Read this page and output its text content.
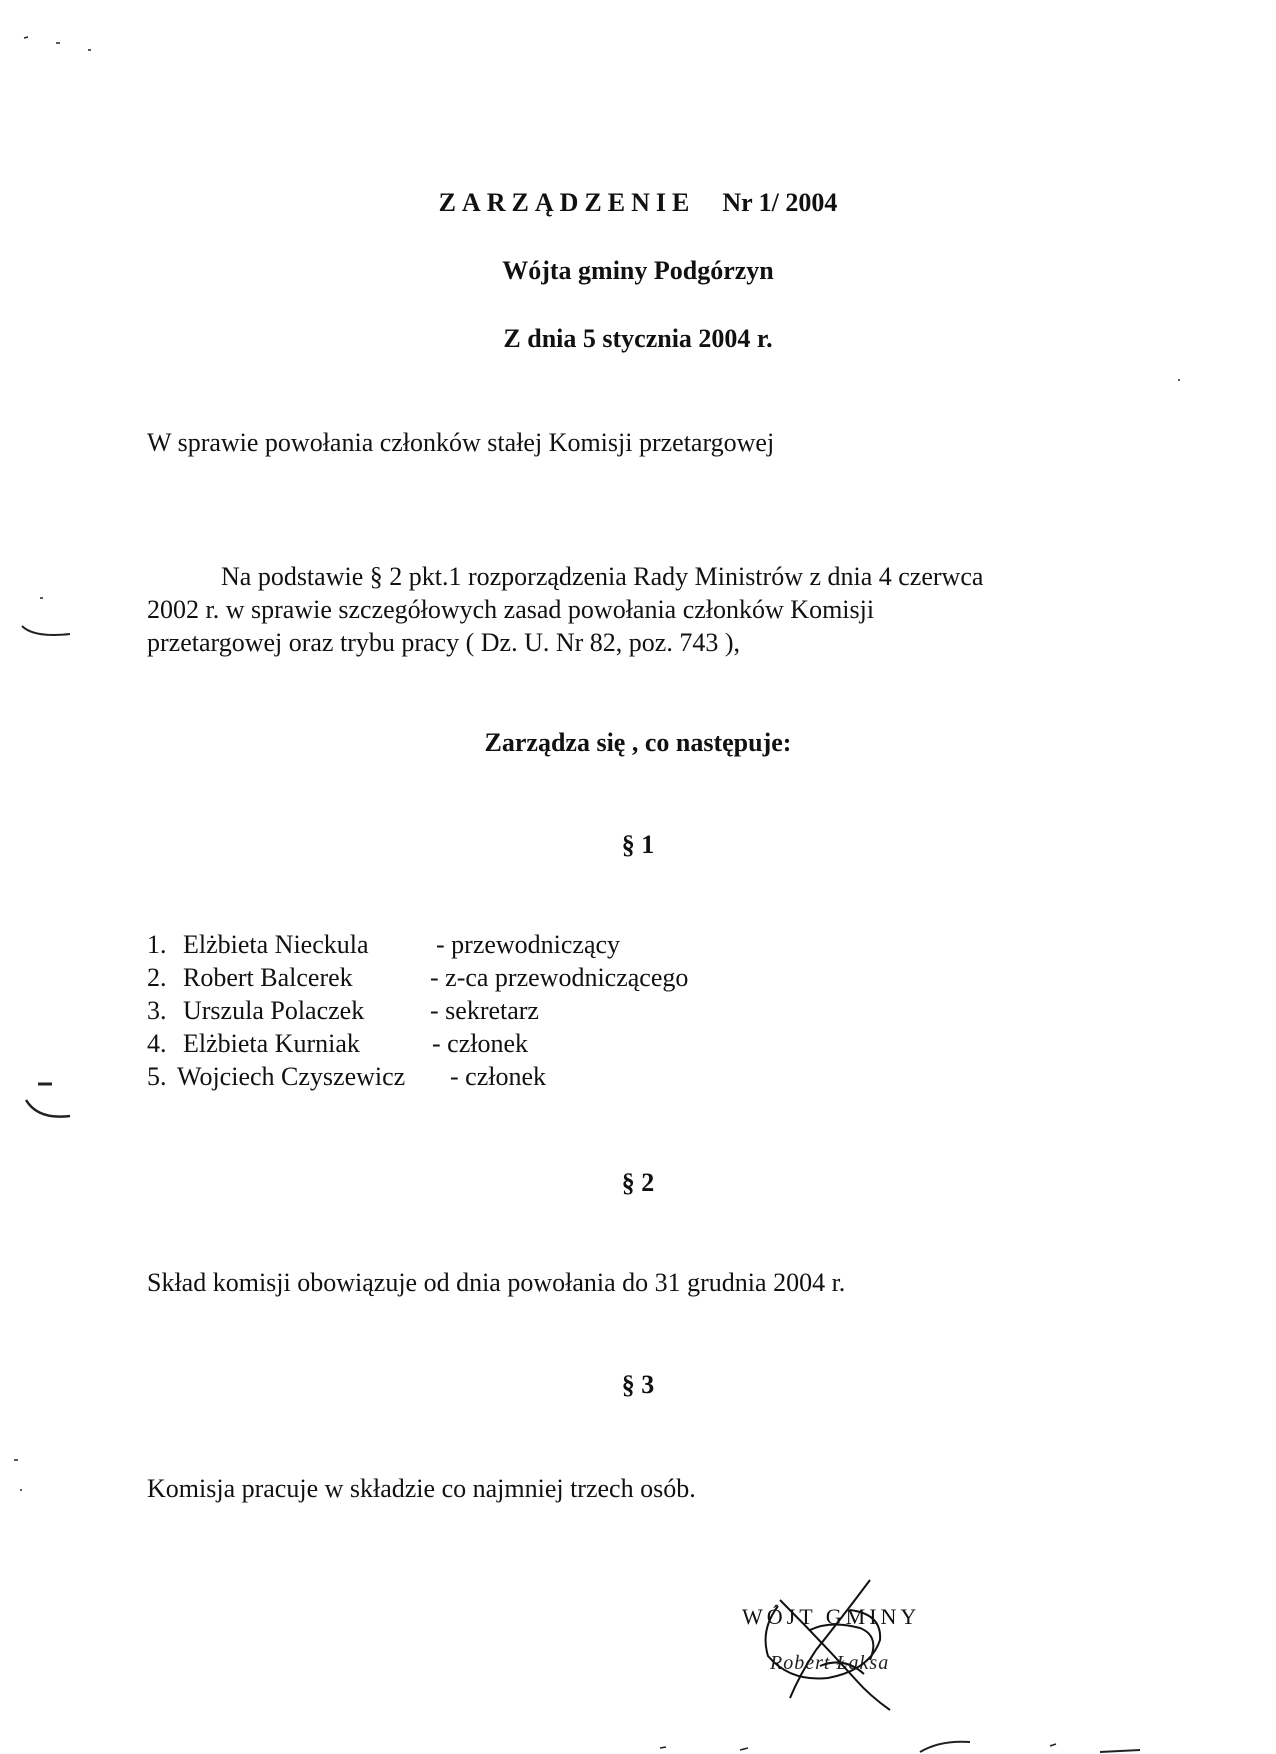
ZARZĄDZENIE Nr 1/ 2004
Wójta gminy Podgórzyn
Z dnia 5 stycznia 2004 r.
W sprawie powołania członków stałej Komisji przetargowej
Na podstawie § 2 pkt.1 rozporządzenia Rady Ministrów z dnia 4 czerwca
2002 r. w sprawie szczegółowych zasad powołania członków Komisji
przetargowej oraz trybu pracy ( Dz. U. Nr 82, poz. 743 ),
Zarządza się , co następuje:
§ 1
1. Elżbieta Nieckula	- przewodniczący
2. Robert Balcerek	- z-ca przewodniczącego
3. Urszula Polaczek	- sekretarz
4. Elżbieta Kurniak	- członek
5. Wojciech Czyszewicz - członek
§ 2
Skład komisji obowiązuje od dnia powołania do 31 grudnia 2004 r.
§ 3
Komisja pracuje w składzie co najmniej trzech osób.
WÓJT GMINY
Robert Łaksa
